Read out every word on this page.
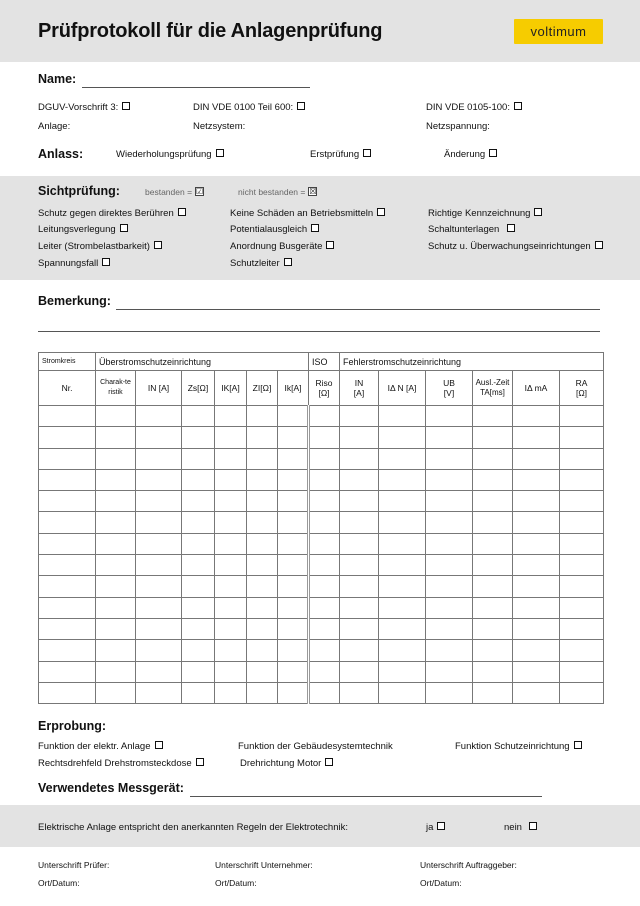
Prüfprotokoll für die Anlagenprüfung	voltimum
Name:
DGUV-Vorschrift 3:	DIN VDE 0100 Teil 600:	DIN VDE 0105-100:
Anlage:	Netzsystem:	Netzspannung:
Anlass:	Wiederholungsprüfung	Erstprüfung	Änderung
Sichtprüfung:	bestanden = ☑	nicht bestanden = ☒
Schutz gegen direktes Berühren	Keine Schäden an Betriebsmitteln	Richtige Kennzeichnung
Leitungsverlegung	Potentialausgleich	Schaltunterlagen
Leiter (Strombelastbarkeit)	Anordnung Busgeräte	Schutz u. Überwachungseinrichtungen
Spannungsfall	Schutzleiter
Bemerkung:
Stromkreis	Überstromschutzeinrichtung						ISO	Fehlerstromschutzeinrichtung					
Nr.	Charak-teristik	IN [A]	Zs[Ω]	IK[A]	ZI[Ω]	Ik[A]	Riso [Ω]	IN [A]	IΔ N [A]	UB [V]	Ausl.-Zeit TA[ms]	IΔ mA	RA [Ω]

Erprobung:
Funktion der elektr. Anlage	Funktion der Gebäudesystemtechnik	Funktion Schutzeinrichtung
Rechtsdrehfeld Drehstromsteckdose	Drehrichtung Motor
Verwendetes Messgerät:
Elektrische Anlage entspricht den anerkannten Regeln der Elektrotechnik:	ja	nein
Unterschrift Prüfer:	Unterschrift Unternehmer:	Unterschrift Auftraggeber:
Ort/Datum:	Ort/Datum:	Ort/Datum:
